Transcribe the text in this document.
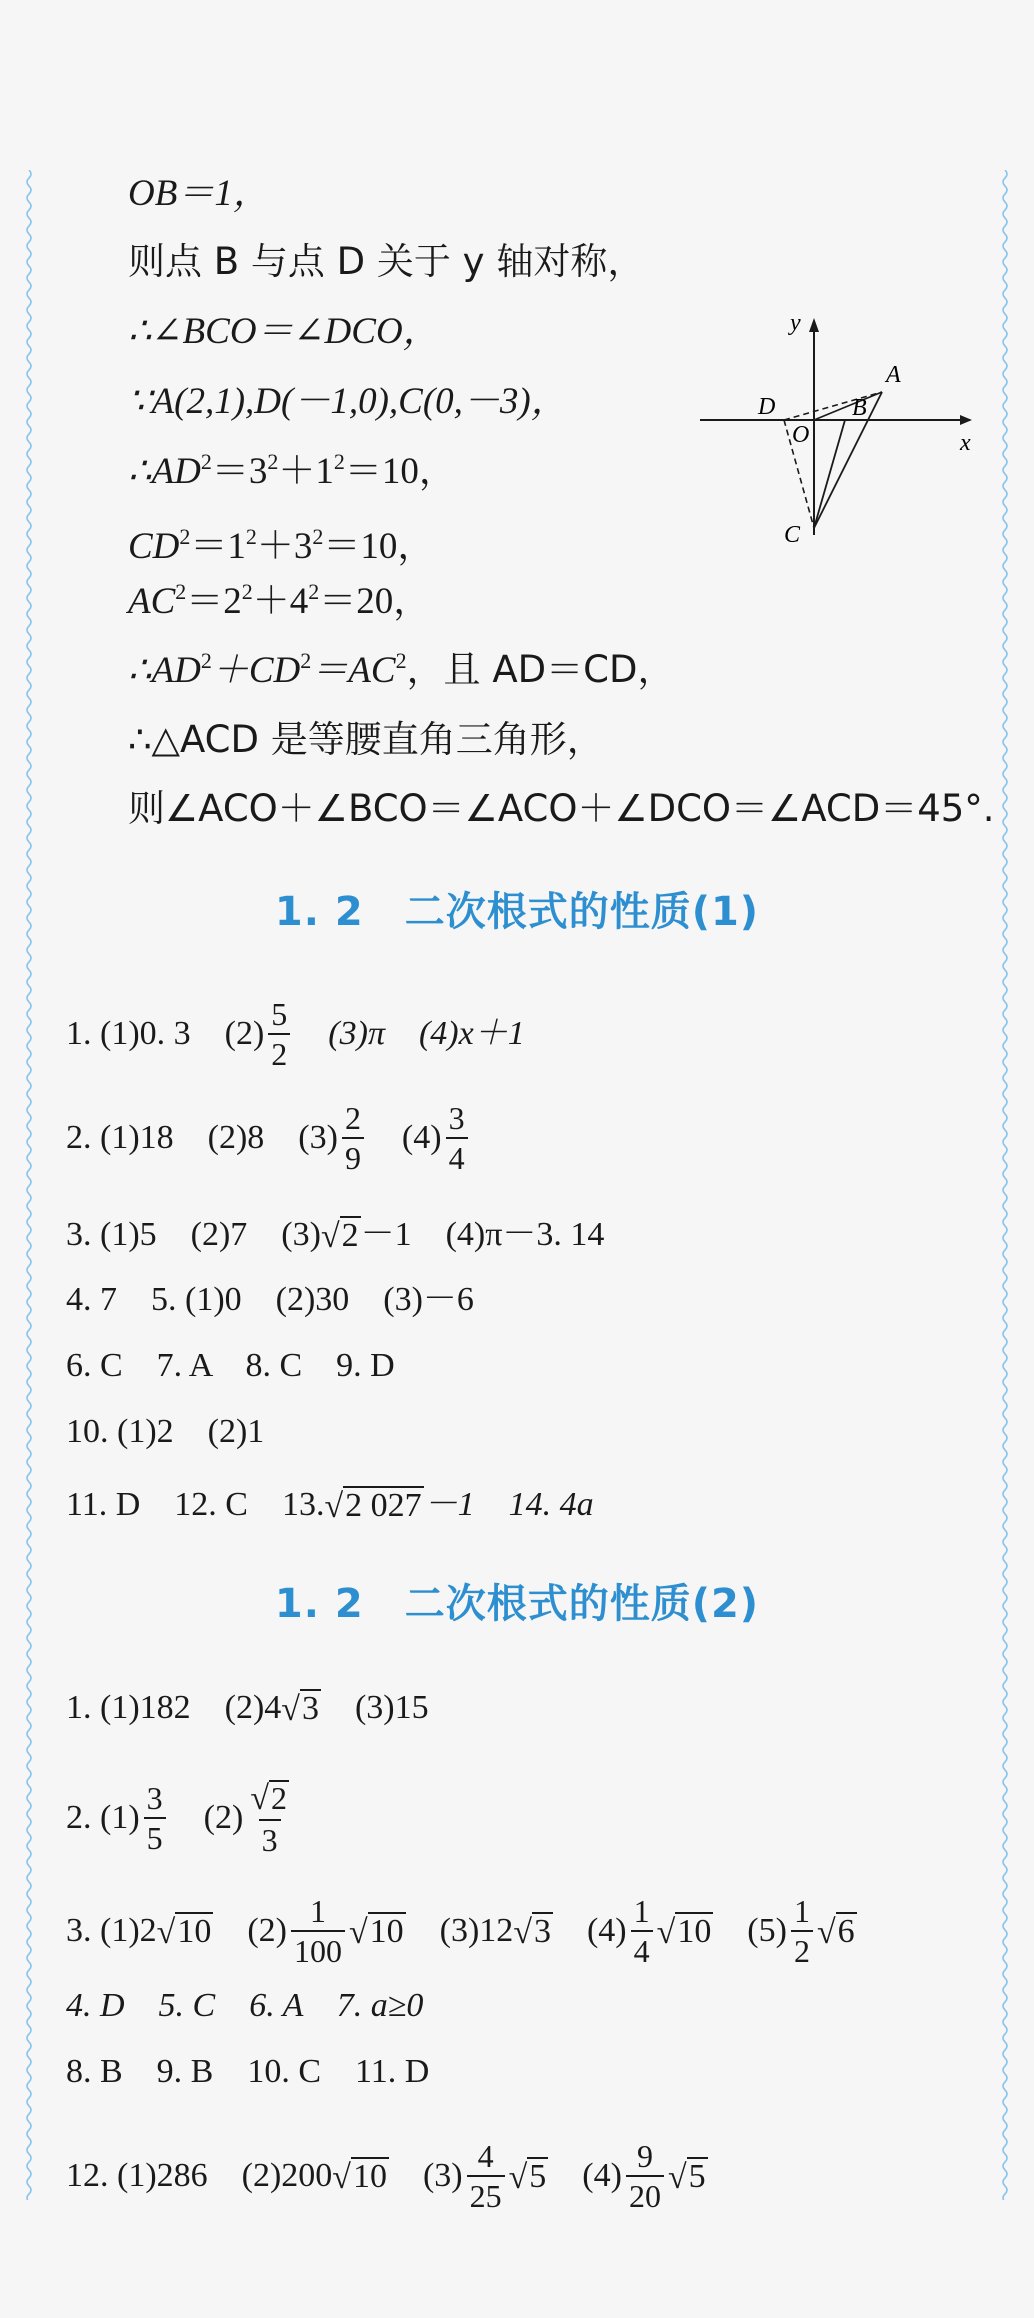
OB＝1，
则点 B 与点 D 关于 y 轴对称，
∴∠BCO＝∠DCO，
∵A(2,1),D(－1,0),C(0,－3)，
$\therefore AD^2=3^2+1^2=10$，
$CD^2=1^2+3^2=10$，
$AC^2=2^2+4^2=20$，
$\therefore AD^2+CD^2=AC^2$，且 AD＝CD，
∴△ACD 是等腰直角三角形，
则∠ACO＋∠BCO＝∠ACO＋∠DCO＝∠ACD＝45°.
y
x
A
B
D
O
C
1. 2　二次根式的性质(1)
1. (1)0. 3　$(2) \frac{5}{2}$ 　(3)π　(4)x＋1
2. (1)18　(2)8　$(3) \frac{2}{9}$ 　$(4) \frac{3}{4}$
3. (1)5　(2)7　(3) √ 2 －1　(4)π－3. 14
4. 7　5. (1)0　(2)30　(3)－6
6. C　7. A　8. C　9. D
10. (1)2　(2)1
11. D　12. C　13. √ 2 027 －1　14. 4a
1. 2　二次根式的性质(2)
1. (1)182　(2)4 √ 3 　(3)15
2. $(1) \frac{3}{5}$ 　$(2) \frac{√ 2}{3}$
3. (1)2 √ 10 　$(2) \frac{1}{100}$ √ 10 　(3)12 √ 3 　$(4) \frac{1}{4}$ √ 10 　$(5) \frac{1}{2}$ √ 6
4. D　5. C　6. A　7. a≥0
8. B　9. B　10. C　11. D
12. (1)286　(2)200 √ 10 　$(3) \frac{4}{25}$ √ 5 　$(4) \frac{9}{20}$ √ 5
